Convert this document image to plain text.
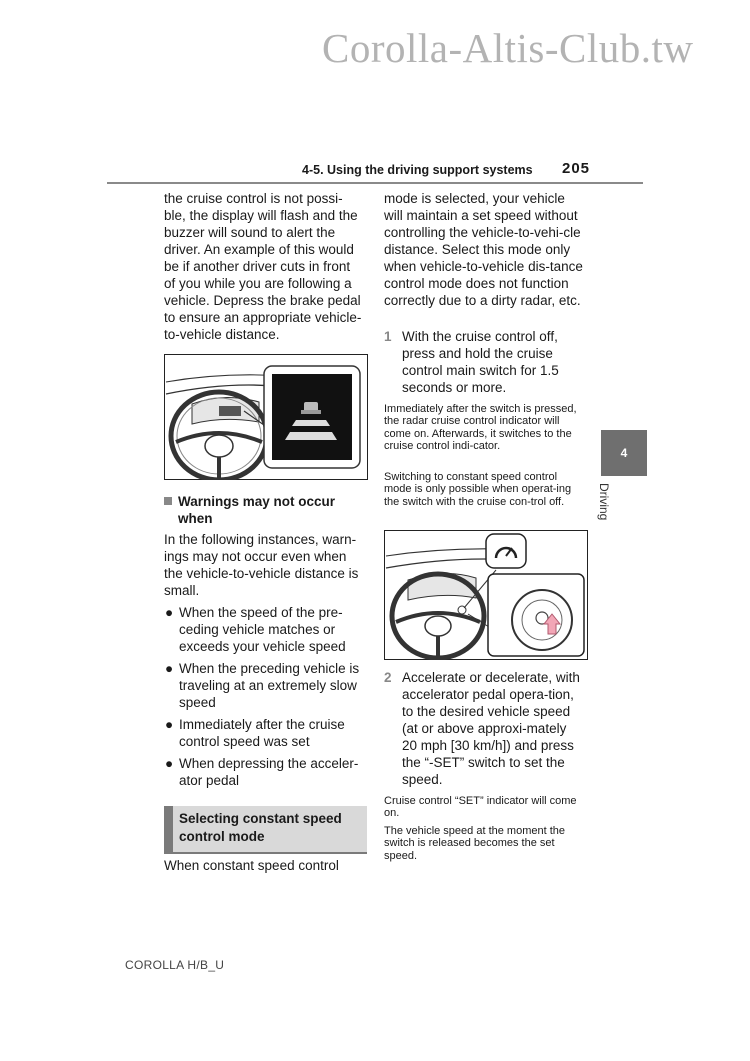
Corolla-Altis-Club.tw
4-5. Using the driving support systems 205

the cruise control is not possi-ble, the display will flash and the buzzer will sound to alert the driver. An example of this would be if another driver cuts in front of you while you are following a vehicle. Depress the brake pedal to ensure an appropriate vehicle-to-vehicle distance.

Warnings may not occur
when

In the following instances, warn-ings may not occur even when the vehicle-to-vehicle distance is small.

● When the speed of the pre-ceding vehicle matches or exceeds your vehicle speed

● When the preceding vehicle is traveling at an extremely slow speed

● Immediately after the cruise control speed was set

● When depressing the acceler-ator pedal

Selecting constant speed control mode

When constant speed control

mode is selected, your vehicle will maintain a set speed without controlling the vehicle-to-vehi-cle distance. Select this mode only when vehicle-to-vehicle dis-tance control mode does not function correctly due to a dirty radar, etc.

1 With the cruise control off, press and hold the cruise control main switch for 1.5 seconds or more.

Immediately after the switch is pressed, the radar cruise control indicator will come on. Afterwards, it switches to the cruise control indi-cator.

Switching to constant speed control mode is only possible when operat-ing the switch with the cruise con-trol off.

2 Accelerate or decelerate, with accelerator pedal opera-tion, to the desired vehicle speed (at or above approxi-mately 20 mph [30 km/h]) and press the “-SET” switch to set the speed.

Cruise control “SET” indicator will come on.

The vehicle speed at the moment the switch is released becomes the set speed.

4
Driving
COROLLA H/B_U
